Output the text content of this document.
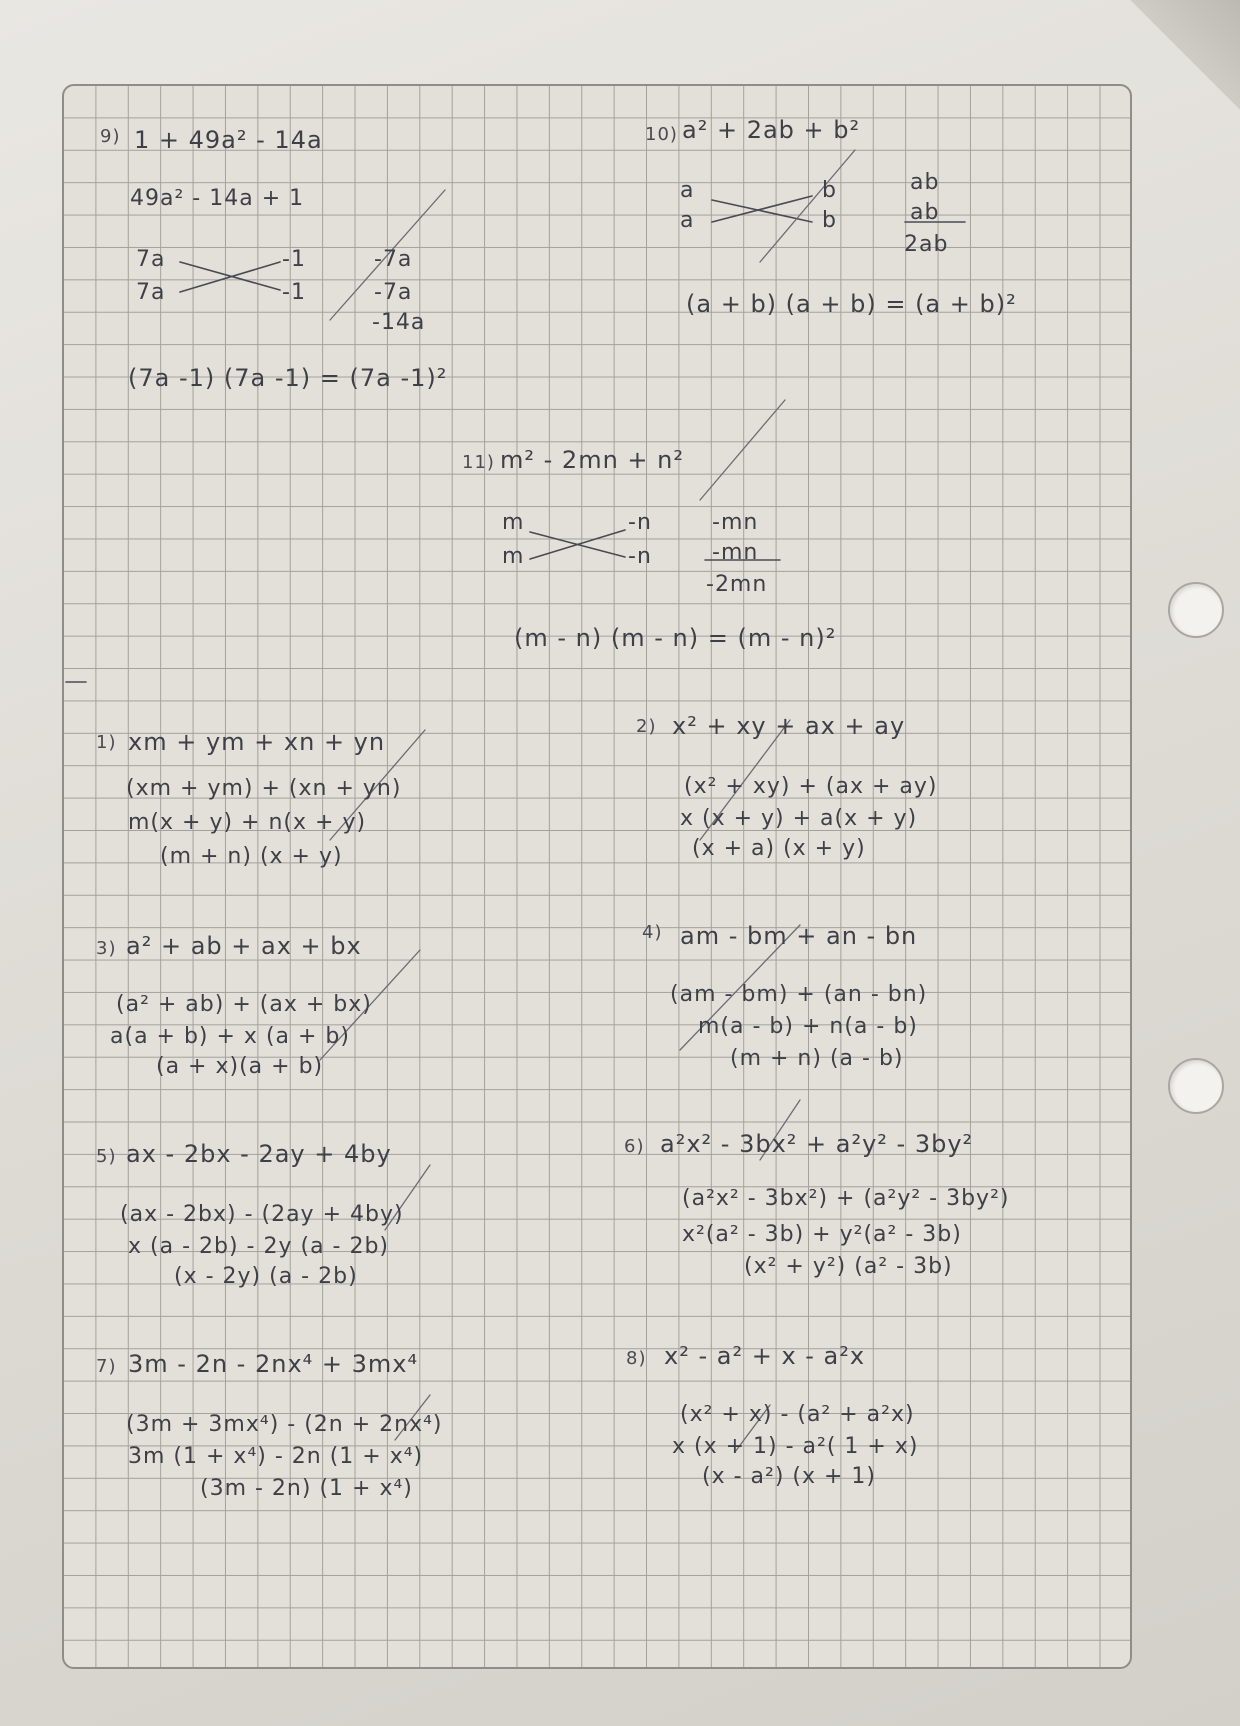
9) 1 + 49a² - 14a
49a² - 14a + 1
7a
7a
-1
-1
-7a
-7a
-14a
(7a -1) (7a -1) = (7a -1)²
10) a² + 2ab + b²
a
a
b
b
ab
ab
2ab
(a + b) (a + b) = (a + b)²
11) m² - 2mn + n²
m
m
-n
-n
-mn
-mn
-2mn
(m - n) (m - n) = (m - n)²
1) xm + ym + xn + yn
(xm + ym) + (xn + yn)
m(x + y) + n(x + y)
(m + n) (x + y)
2) x² + xy + ax + ay
(x² + xy) + (ax + ay)
x (x + y) + a(x + y)
(x + a) (x + y)
3) a² + ab + ax + bx
(a² + ab) + (ax + bx)
a(a + b) + x (a + b)
(a + x)(a + b)
4) am - bm + an - bn
(am - bm) + (an - bn)
m(a - b) + n(a - b)
(m + n) (a - b)
5) ax - 2bx - 2ay + 4by
(ax - 2bx) - (2ay + 4by)
x (a - 2b) - 2y (a - 2b)
(x - 2y) (a - 2b)
6) a²x² - 3bx² + a²y² - 3by²
(a²x² - 3bx²) + (a²y² - 3by²)
x²(a² - 3b) + y²(a² - 3b)
(x² + y²) (a² - 3b)
7) 3m - 2n - 2nx⁴ + 3mx⁴
(3m + 3mx⁴) - (2n + 2nx⁴)
3m (1 + x⁴) - 2n (1 + x⁴)
(3m - 2n) (1 + x⁴)
8) x² - a² + x - a²x
(x² + x) - (a² + a²x)
x (x + 1) - a²( 1 + x)
(x - a²) (x + 1)
